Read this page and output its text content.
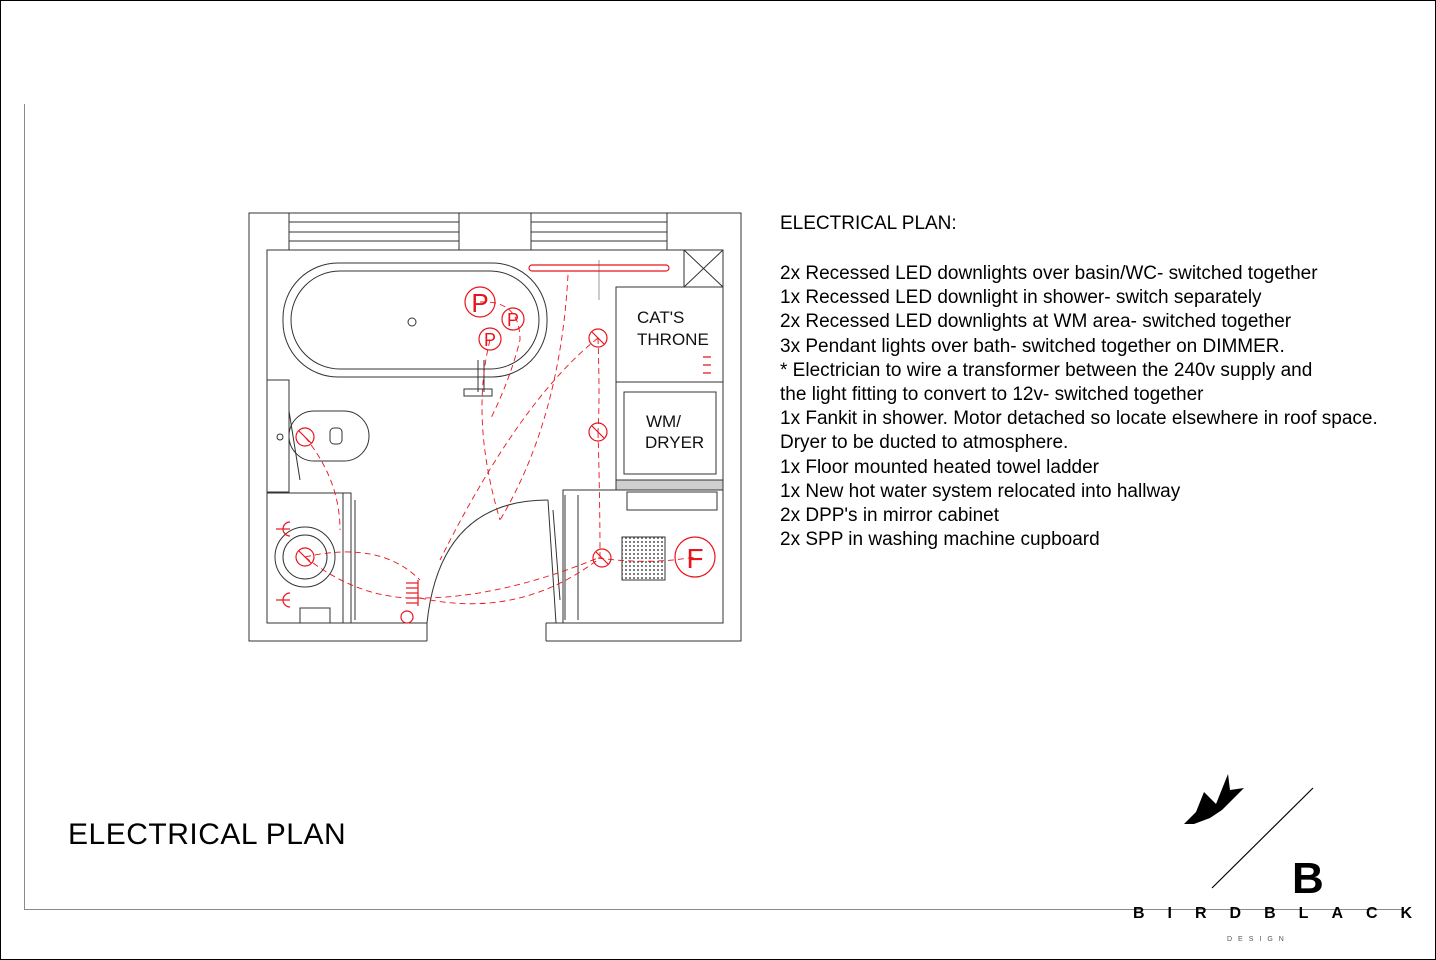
P
P
P
F
CAT'S
THRONE
WM/
DRYER
ELECTRICAL PLAN:
2x Recessed LED downlights over basin/WC- switched together
1x Recessed LED downlight in shower- switch separately
2x Recessed LED downlights at WM area- switched together
3x Pendant lights over bath- switched together on DIMMER.
* Electrician to wire a transformer between the 240v supply and
the light fitting to convert to 12v- switched together
1x Fankit in shower. Motor detached so locate elsewhere in roof space.
Dryer to be ducted to atmosphere.
1x Floor mounted heated towel ladder
1x New hot water system relocated into hallway
2x DPP's in mirror cabinet
2x SPP in washing machine cupboard
ELECTRICAL PLAN
B
BIRDBLACK
DESIGN
